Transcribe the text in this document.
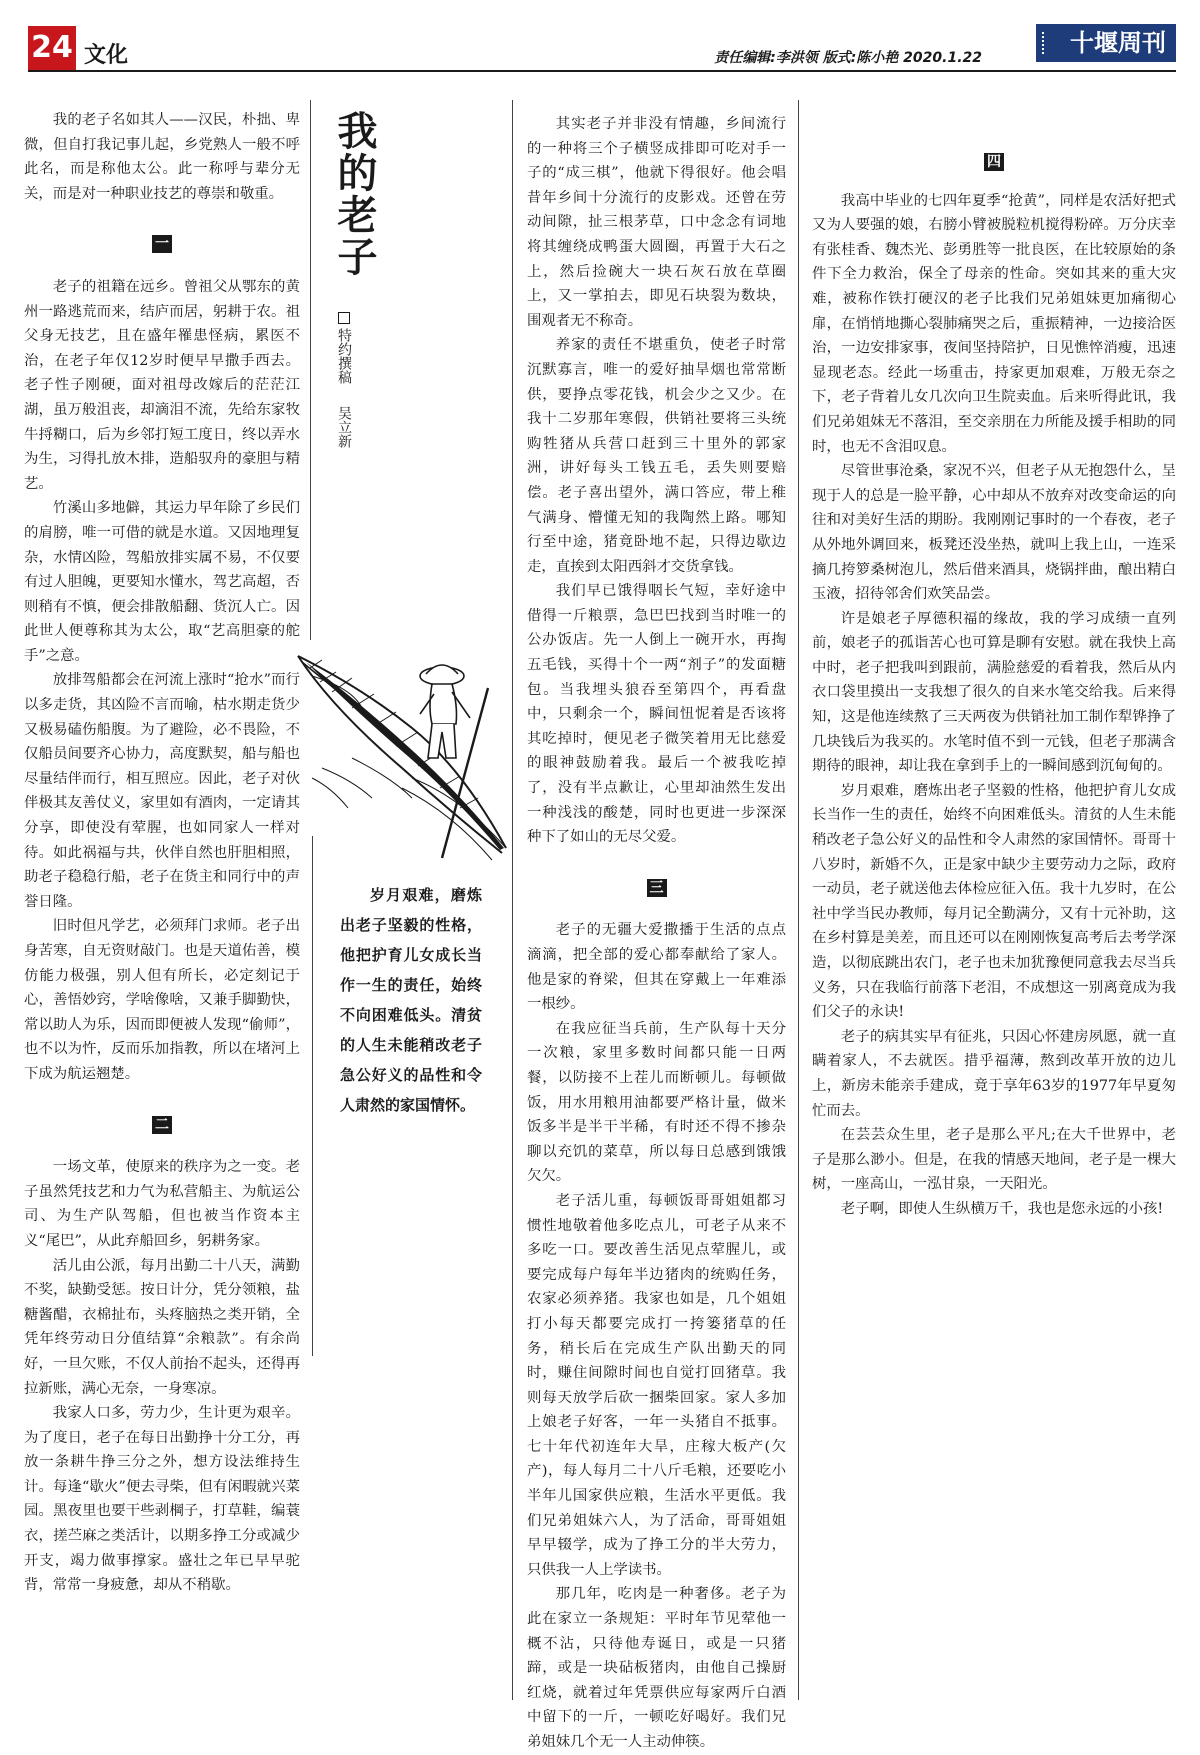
24 文化	责任编辑:李洪领 版式:陈小艳 2020.1.22
十堰周刊

我的老子名如其人——汉民，朴拙、卑微，但自打我记事儿起，乡党熟人一般不呼此名，而是称他太公。此一称呼与辈分无关，而是对一种职业技艺的尊崇和敬重。

一

老子的祖籍在远乡。曾祖父从鄂东的黄州一路逃荒而来，结庐而居，躬耕于农。祖父身无技艺，且在盛年罹患怪病，累医不治，在老子年仅12岁时便早早撒手西去。老子性子刚硬，面对祖母改嫁后的茫茫江湖，虽万般沮丧，却滴泪不流，先给东家牧牛捋糊口，后为乡邻打短工度日，终以弄水为生，习得扎放木排，造船驭舟的豪胆与精艺。

竹溪山多地僻，其运力早年除了乡民们的肩膀，唯一可借的就是水道。又因地理复杂，水情凶险，驾船放排实属不易，不仅要有过人胆魄，更要知水懂水，驾艺高超，否则稍有不慎，便会排散船翻、货沉人亡。因此世人便尊称其为太公，取“艺高胆豪的舵手”之意。

放排驾船都会在河流上涨时“抢水”而行以多走货，其凶险不言而喻，枯水期走货少又极易磕伤船腹。为了避险，必不畏险，不仅船员间要齐心协力，高度默契，船与船也尽量结伴而行，相互照应。因此，老子对伙伴极其友善仗义，家里如有酒肉，一定请其分享，即使没有荤腥，也如同家人一样对待。如此祸福与共，伙伴自然也肝胆相照，助老子稳稳行船，老子在货主和同行中的声誉日隆。

旧时但凡学艺，必须拜门求师。老子出身苦寒，自无资财敲门。也是天道佑善，模仿能力极强，别人但有所长，必定刻记于心，善悟妙窍，学啥像啥，又兼手脚勤快，常以助人为乐，因而即便被人发现“偷师”，也不以为忤，反而乐加指教，所以在堵河上下成为航运翘楚。

二

一场文革，使原来的秩序为之一变。老子虽然凭技艺和力气为私营船主、为航运公司、为生产队驾船，但也被当作资本主义“尾巴”，从此弃船回乡，躬耕务家。

活儿由公派，每月出勤二十八天，满勤不奖，缺勤受惩。按日计分，凭分领粮，盐糖酱醋，衣棉扯布，头疼脑热之类开销，全凭年终劳动日分值结算“余粮款”。有余尚好，一旦欠账，不仅人前抬不起头，还得再拉新账，满心无奈，一身寒凉。

我家人口多，劳力少，生计更为艰辛。为了度日，老子在每日出勤挣十分工分，再放一条耕牛挣三分之外，想方设法维持生计。每逢“歇火”便去寻柴，但有闲暇就兴菜园。黑夜里也要干些剥棡子，打草鞋，编蓑衣，搓苎麻之类活计，以期多挣工分或减少开支，竭力做事撑家。盛壮之年已早早驼背，常常一身疲惫，却从不稍歇。

我的老子
特约撰稿吴立新

岁月艰难，磨炼出老子坚毅的性格，他把护育儿女成长当作一生的责任，始终不向困难低头。清贫的人生未能稍改老子急公好义的品性和令人肃然的家国情怀。

其实老子并非没有情趣，乡间流行的一种将三个子横竖成排即可吃对手一子的“成三棋”，他就下得很好。他会唱昔年乡间十分流行的皮影戏。还曾在劳动间隙，扯三根茅草，口中念念有词地将其缠绕成鸭蛋大圆圈，再置于大石之上，然后捡碗大一块石灰石放在草圈上，又一掌拍去，即见石块裂为数块，围观者无不称奇。

养家的责任不堪重负，使老子时常沉默寡言，唯一的爱好抽旱烟也常常断供，要挣点零花钱，机会少之又少。在我十二岁那年寒假，供销社要将三头统购牲猪从兵营口赶到三十里外的郭家洲，讲好每头工钱五毛，丢失则要赔偿。老子喜出望外，满口答应，带上稚气满身、懵懂无知的我陶然上路。哪知行至中途，猪竟卧地不起，只得边歇边走，直挨到太阳西斜才交货拿钱。

我们早已饿得咽长气短，幸好途中借得一斤粮票，急巴巴找到当时唯一的公办饭店。先一人倒上一碗开水，再掏五毛钱，买得十个一两“剂子”的发面糖包。当我埋头狼吞至第四个，再看盘中，只剩余一个，瞬间忸怩着是否该将其吃掉时，便见老子微笑着用无比慈爱的眼神鼓励着我。最后一个被我吃掉了，没有半点歉让，心里却油然生发出一种浅浅的酸楚，同时也更进一步深深种下了如山的无尽父爱。

三

老子的无疆大爱撒播于生活的点点滴滴，把全部的爱心都奉献给了家人。他是家的脊梁，但其在穿戴上一年难添一根纱。

在我应征当兵前，生产队每十天分一次粮，家里多数时间都只能一日两餐，以防接不上茬儿而断顿儿。每顿做饭，用水用粮用油都要严格计量，做米饭多半是半干半稀，有时还不得不掺杂聊以充饥的菜草，所以每日总感到饿饿欠欠。

老子活儿重，每顿饭哥哥姐姐都习惯性地敬着他多吃点儿，可老子从来不多吃一口。要改善生活见点荤腥儿，或要完成每户每年半边猪肉的统购任务，农家必须养猪。我家也如是，几个姐姐打小每天都要完成打一挎篓猪草的任务，稍长后在完成生产队出勤天的同时，赚住间隙时间也自觉打回猪草。我则每天放学后砍一捆柴回家。家人多加上娘老子好客，一年一头猪自不抵事。七十年代初连年大旱，庄稼大板产(欠产)，每人每月二十八斤毛粮，还要吃小半年儿国家供应粮，生活水平更低。我们兄弟姐妹六人，为了活命，哥哥姐姐早早辍学，成为了挣工分的半大劳力，只供我一人上学读书。

那几年，吃肉是一种奢侈。老子为此在家立一条规矩：平时年节见荤他一概不沾，只待他寿诞日，或是一只猪蹄，或是一块砧板猪肉，由他自己操厨红烧，就着过年凭票供应每家两斤白酒中留下的一斤，一顿吃好喝好。我们兄弟姐妹几个无一人主动伸筷。

四

我高中毕业的七四年夏季“抢黄”，同样是农活好把式又为人要强的娘，右膀小臂被脱粒机搅得粉碎。万分庆幸有张桂香、魏杰光、彭勇胜等一批良医，在比较原始的条件下全力救治，保全了母亲的性命。突如其来的重大灾难，被称作铁打硬汉的老子比我们兄弟姐妹更加痛彻心扉，在悄悄地撕心裂肺痛哭之后，重振精神，一边接洽医治，一边安排家事，夜间坚持陪护，日见憔悴消瘦，迅速显现老态。经此一场重击，持家更加艰难，万般无奈之下，老子背着儿女几次向卫生院卖血。后来听得此讯，我们兄弟姐妹无不落泪，至交亲朋在力所能及援手相助的同时，也无不含泪叹息。

尽管世事沧桑，家况不兴，但老子从无抱怨什么，呈现于人的总是一脸平静，心中却从不放弃对改变命运的向往和对美好生活的期盼。我刚刚记事时的一个春夜，老子从外地外调回来，板凳还没坐热，就叫上我上山，一连采摘几挎箩桑树泡儿，然后借来酒具，烧锅拌曲，酿出精白玉液，招待邻舍们欢笑品尝。

许是娘老子厚德积福的缘故，我的学习成绩一直列前，娘老子的孤诣苦心也可算是聊有安慰。就在我快上高中时，老子把我叫到跟前，满脸慈爱的看着我，然后从内衣口袋里摸出一支我想了很久的自来水笔交给我。后来得知，这是他连续熬了三天两夜为供销社加工制作犁铧挣了几块钱后为我买的。水笔时值不到一元钱，但老子那满含期待的眼神，却让我在拿到手上的一瞬间感到沉甸甸的。

岁月艰难，磨炼出老子坚毅的性格，他把护育儿女成长当作一生的责任，始终不向困难低头。清贫的人生未能稍改老子急公好义的品性和令人肃然的家国情怀。哥哥十八岁时，新婚不久，正是家中缺少主要劳动力之际，政府一动员，老子就送他去体检应征入伍。我十九岁时，在公社中学当民办教师，每月记全勤满分，又有十元补助，这在乡村算是美差，而且还可以在刚刚恢复高考后去考学深造，以彻底跳出农门，老子也未加犹豫便同意我去尽当兵义务，只在我临行前落下老泪，不成想这一别离竟成为我们父子的永诀!

老子的病其实早有征兆，只因心怀建房夙愿，就一直瞒着家人，不去就医。措乎福薄，熬到改革开放的边儿上，新房未能亲手建成，竟于享年63岁的1977年早夏匆忙而去。

在芸芸众生里，老子是那么平凡;在大千世界中，老子是那么渺小。但是，在我的情感天地间，老子是一棵大树，一座高山，一泓甘泉，一天阳光。

老子啊，即使人生纵横万千，我也是您永远的小孩!
